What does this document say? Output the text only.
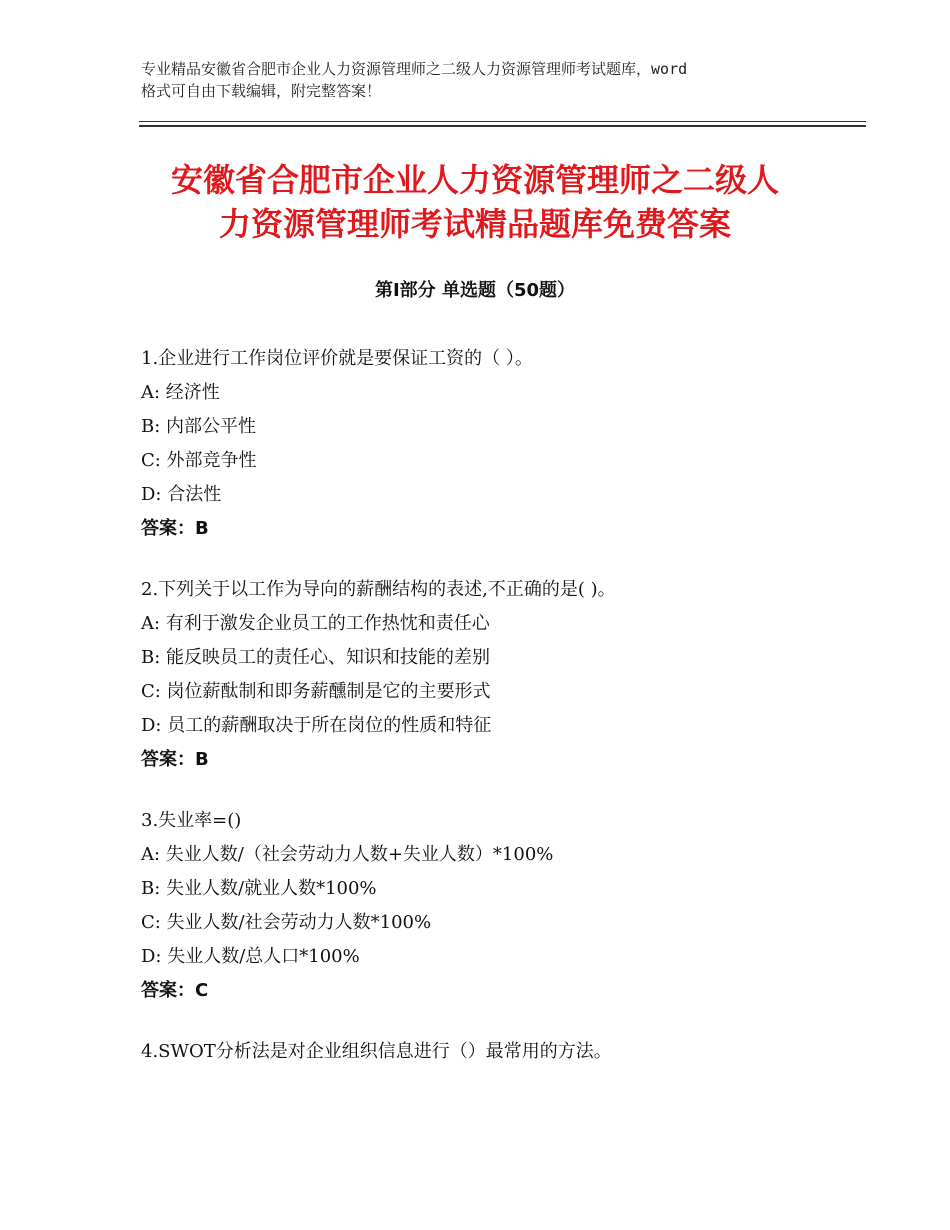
专业精品安徽省合肥市企业人力资源管理师之二级人力资源管理师考试题库，word
格式可自由下载编辑，附完整答案！
安徽省合肥市企业人力资源管理师之二级人
力资源管理师考试精品题库免费答案
第Ⅰ部分 单选题（50题）
1.企业进行工作岗位评价就是要保证工资的（ ）。
A: 经济性
B: 内部公平性
C: 外部竞争性
D: 合法性
答案：B
2.下列关于以工作为导向的薪酬结构的表述,不正确的是( )。
A: 有利于激发企业员工的工作热忱和责任心
B: 能反映员工的责任心、知识和技能的差别
C: 岗位薪酞制和即务薪醺制是它的主要形式
D: 员工的薪酬取决于所在岗位的性质和特征
答案：B
3.失业率=()
A: 失业人数/（社会劳动力人数+失业人数）*100%
B: 失业人数/就业人数*100%
C: 失业人数/社会劳动力人数*100%
D: 失业人数/总人口*100%
答案：C
4.SWOT分析法是对企业组织信息进行（）最常用的方法。
